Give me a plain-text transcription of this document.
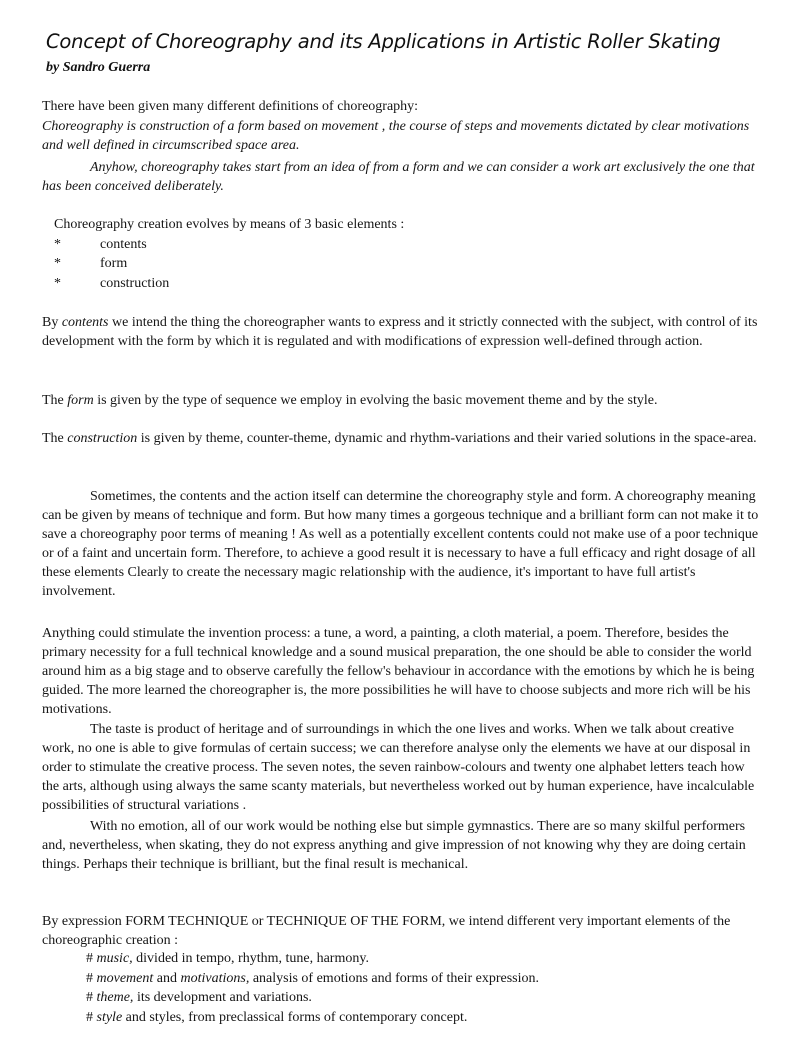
Concept of Choreography and its Applications in Artistic Roller Skating
by Sandro Guerra

There have been given many different definitions of choreography:

Choreography is construction of a form based on movement , the course of steps and movements dictated by clear motivations and well defined in circumscribed space area.

Anyhow, choreography takes start from an idea of from a form and we can consider a work art exclusively the one that has been conceived deliberately.

Choreography creation evolves by means of 3 basic elements :
*	contents
*	form
*	construction

By contents we intend the thing the choreographer wants to express and it strictly connected with the subject, with control of its development with the form by which it is regulated and with modifications of expression well-defined through action.

The form is given by the type of sequence we employ in evolving the basic movement theme and by the style.

The construction is given by theme, counter-theme, dynamic and rhythm-variations and their varied solutions in the space-area.

Sometimes, the contents and the action itself can determine the choreography style and form. A choreography meaning can be given by means of technique and form. But how many times a gorgeous technique and a brilliant form can not make it to save a choreography poor terms of meaning ! As well as a potentially excellent contents could not make use of a poor technique or of a faint and uncertain form. Therefore, to achieve a good result it is necessary to have a full efficacy and right dosage of all these elements Clearly to create the necessary magic relationship with the audience, it's important to have full artist's involvement.

Anything could stimulate the invention process: a tune, a word, a painting, a cloth material, a poem. Therefore, besides the primary necessity for a full technical knowledge and a sound musical preparation, the one should be able to consider the world around him as a big stage and to observe carefully the fellow's behaviour in accordance with the emotions by which he is being guided. The more learned the choreographer is, the more possibilities he will have to choose subjects and more rich will be his motivations.

The taste is product of heritage and of surroundings in which the one lives and works. When we talk about creative work, no one is able to give formulas of certain success; we can therefore analyse only the elements we have at our disposal in order to stimulate the creative process. The seven notes, the seven rainbow-colours and twenty one alphabet letters teach how the arts, although using always the same scanty materials, but nevertheless worked out by human experience, have incalculable possibilities of structural variations .

With no emotion, all of our work would be nothing else but simple gymnastics. There are so many skilful performers and, nevertheless, when skating, they do not express anything and give impression of not knowing why they are doing certain things. Perhaps their technique is brilliant, but the final result is mechanical.

By expression FORM TECHNIQUE or TECHNIQUE OF THE FORM, we intend different very important elements of the choreographic creation :

# music, divided in tempo, rhythm, tune, harmony.
# movement and motivations, analysis of emotions and forms of their expression.
# theme, its development and variations.
# style and styles, from preclassical forms of contemporary concept.
